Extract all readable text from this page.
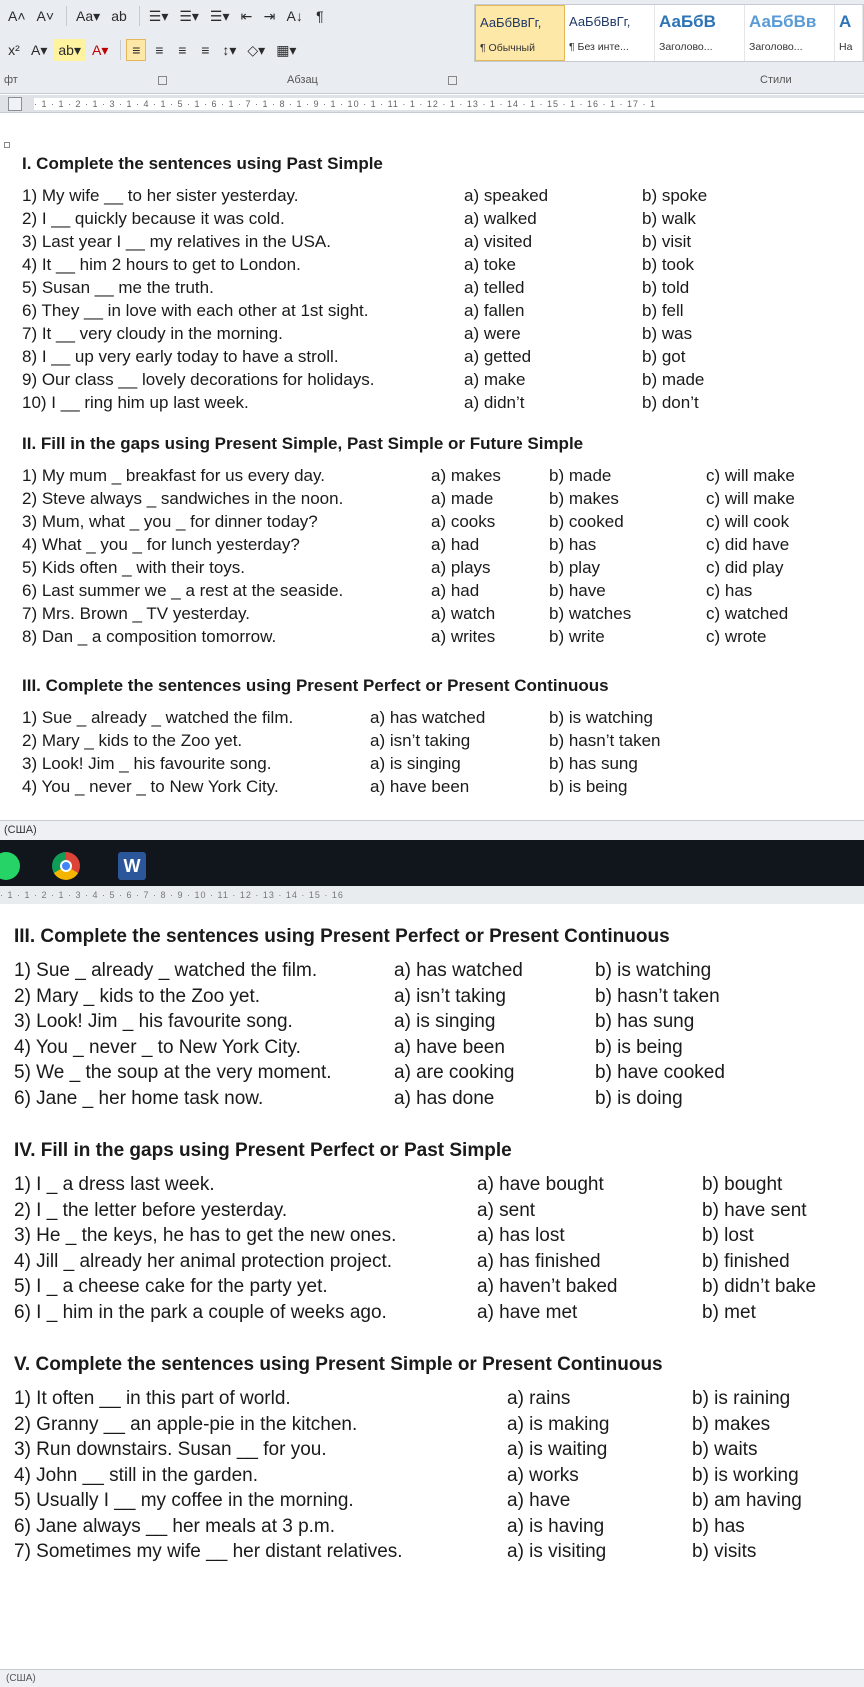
A˄ A˅ Aa▾ ab ☰▾ ☰▾ ☰▾ ⇤ ⇥ A↓ ¶
x² A▾ ab▾ A▾	≡	≡	≡	≡ ↕▾ ◇▾ ▦▾
АаБбВвГг,
¶ Обычный
АаБбВвГг,
¶ Без инте...
АаБбВ
Заголово...
АаБбВв
Заголово...
А
На
фт	Абзац	Стили
· 1 · 1 · 2 · 1 · 3 · 1 · 4 · 1 · 5 · 1 · 6 · 1 · 7 · 1 · 8 · 1 · 9 · 1 · 10 · 1 · 11 · 1 · 12 · 1 · 13 · 1 · 14 · 1 · 15 · 1 · 16 · 1 · 17 · 1
I. Complete the sentences using Past Simple
1) My wife __ to her sister yesterday.	a) speaked	b) spoke
2) I __ quickly because it was cold.	a) walked	b) walk
3) Last year I __ my relatives in the USA.	a) visited	b) visit
4) It __ him 2 hours to get to London.	a) toke	b) took
5) Susan __ me the truth.	a) telled	b) told
6) They __ in love with each other at 1st sight.	a) fallen	b) fell
7) It __ very cloudy in the morning.	a) were	b) was
8) I __ up very early today to have a stroll.	a) getted	b) got
9) Our class __ lovely decorations for holidays.	a) make	b) made
10) I __ ring him up last week.	a) didn’t	b) don’t
II. Fill in the gaps using Present Simple, Past Simple or Future Simple
1) My mum _ breakfast for us every day.	a) makes	b) made	c) will make
2) Steve always _ sandwiches in the noon.	a) made	b) makes	c) will make
3) Mum, what _ you _ for dinner today?	a) cooks	b) cooked	c) will cook
4) What _ you _ for lunch yesterday?	a) had	b) has	c) did have
5) Kids often _ with their toys.	a) plays	b) play	c) did play
6) Last summer we _ a rest at the seaside.	a) had	b) have	c) has
7) Mrs. Brown _ TV yesterday.	a) watch	b) watches	c) watched
8) Dan _ a composition tomorrow.	a) writes	b) write	c) wrote
III. Complete the sentences using Present Perfect or Present Continuous
1) Sue _ already _ watched the film.	a) has watched	b) is watching
2) Mary _ kids to the Zoo yet.	a) isn’t taking	b) hasn’t taken
3) Look! Jim _ his favourite song.	a) is singing	b) has sung
4) You _ never _ to New York City.	a) have been	b) is being
(США)
W
· 1 · 1 · 2 · 1 · 3 · 4 · 5 · 6 · 7 · 8 · 9 · 10 · 11 · 12 · 13 · 14 · 15 · 16
III. Complete the sentences using Present Perfect or Present Continuous
1) Sue _ already _ watched the film.	a) has watched	b) is watching
2) Mary _ kids to the Zoo yet.	a) isn’t taking	b) hasn’t taken
3) Look! Jim _ his favourite song.	a) is singing	b) has sung
4) You _ never _ to New York City.	a) have been	b) is being
5) We _ the soup at the very moment.	a) are cooking	b) have cooked
6) Jane _ her home task now.	a) has done	b) is doing
IV. Fill in the gaps using Present Perfect or Past Simple
1) I _ a dress last week.	a) have bought	b) bought
2) I _ the letter before yesterday.	a) sent	b) have sent
3) He _ the keys, he has to get the new ones.	a) has lost	b) lost
4) Jill _ already her animal protection project.	a) has finished	b) finished
5) I _ a cheese cake for the party yet.	a) haven’t baked	b) didn’t bake
6) I _ him in the park a couple of weeks ago.	a) have met	b) met
V. Complete the sentences using Present Simple or Present Continuous
1) It often __ in this part of world.	a) rains	b) is raining
2) Granny __ an apple-pie in the kitchen.	a) is making	b) makes
3) Run downstairs. Susan __ for you.	a) is waiting	b) waits
4) John __ still in the garden.	a) works	b) is working
5) Usually I __ my coffee in the morning.	a) have	b) am having
6) Jane always __ her meals at 3 p.m.	a) is having	b) has
7) Sometimes my wife __ her distant relatives.	a) is visiting	b) visits
(США)
